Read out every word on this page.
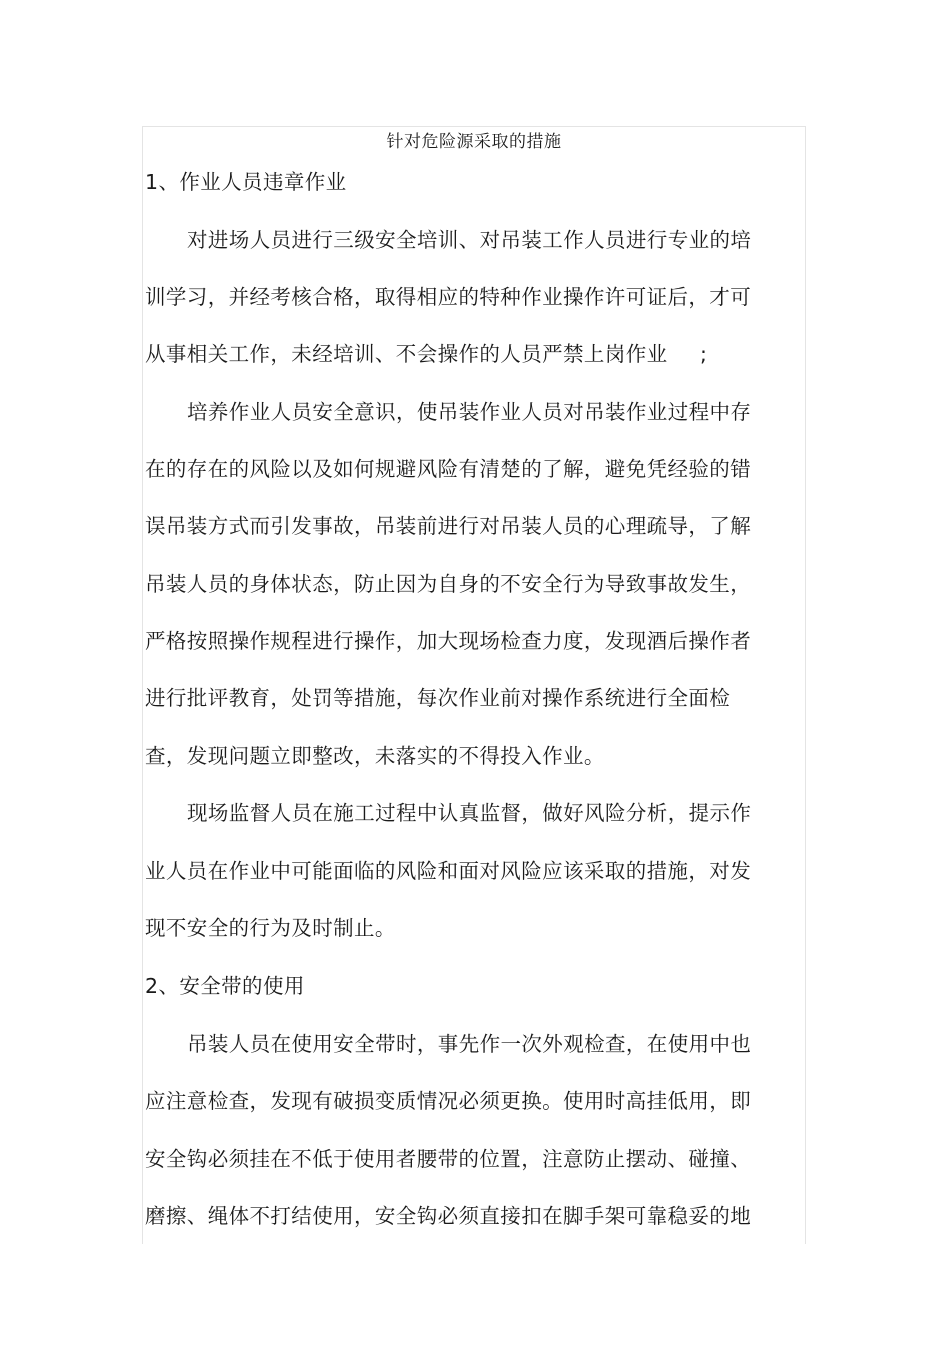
针对危险源采取的措施
1、作业人员违章作业
对进场人员进行三级安全培训、对吊装工作人员进行专业的培
训学习，并经考核合格，取得相应的特种作业操作许可证后，才可
从事相关工作，未经培训、不会操作的人员严禁上岗作业 ;
培养作业人员安全意识，使吊装作业人员对吊装作业过程中存
在的存在的风险以及如何规避风险有清楚的了解，避免凭经验的错
误吊装方式而引发事故，吊装前进行对吊装人员的心理疏导，了解
吊装人员的身体状态，防止因为自身的不安全行为导致事故发生，
严格按照操作规程进行操作，加大现场检查力度，发现酒后操作者
进行批评教育，处罚等措施，每次作业前对操作系统进行全面检
查，发现问题立即整改，未落实的不得投入作业。
现场监督人员在施工过程中认真监督，做好风险分析，提示作
业人员在作业中可能面临的风险和面对风险应该采取的措施，对发
现不安全的行为及时制止。
2、安全带的使用
吊装人员在使用安全带时，事先作一次外观检查，在使用中也
应注意检查，发现有破损变质情况必须更换。使用时高挂低用，即
安全钩必须挂在不低于使用者腰带的位置，注意防止摆动、碰撞、
磨擦、绳体不打结使用，安全钩必须直接扣在脚手架可靠稳妥的地
